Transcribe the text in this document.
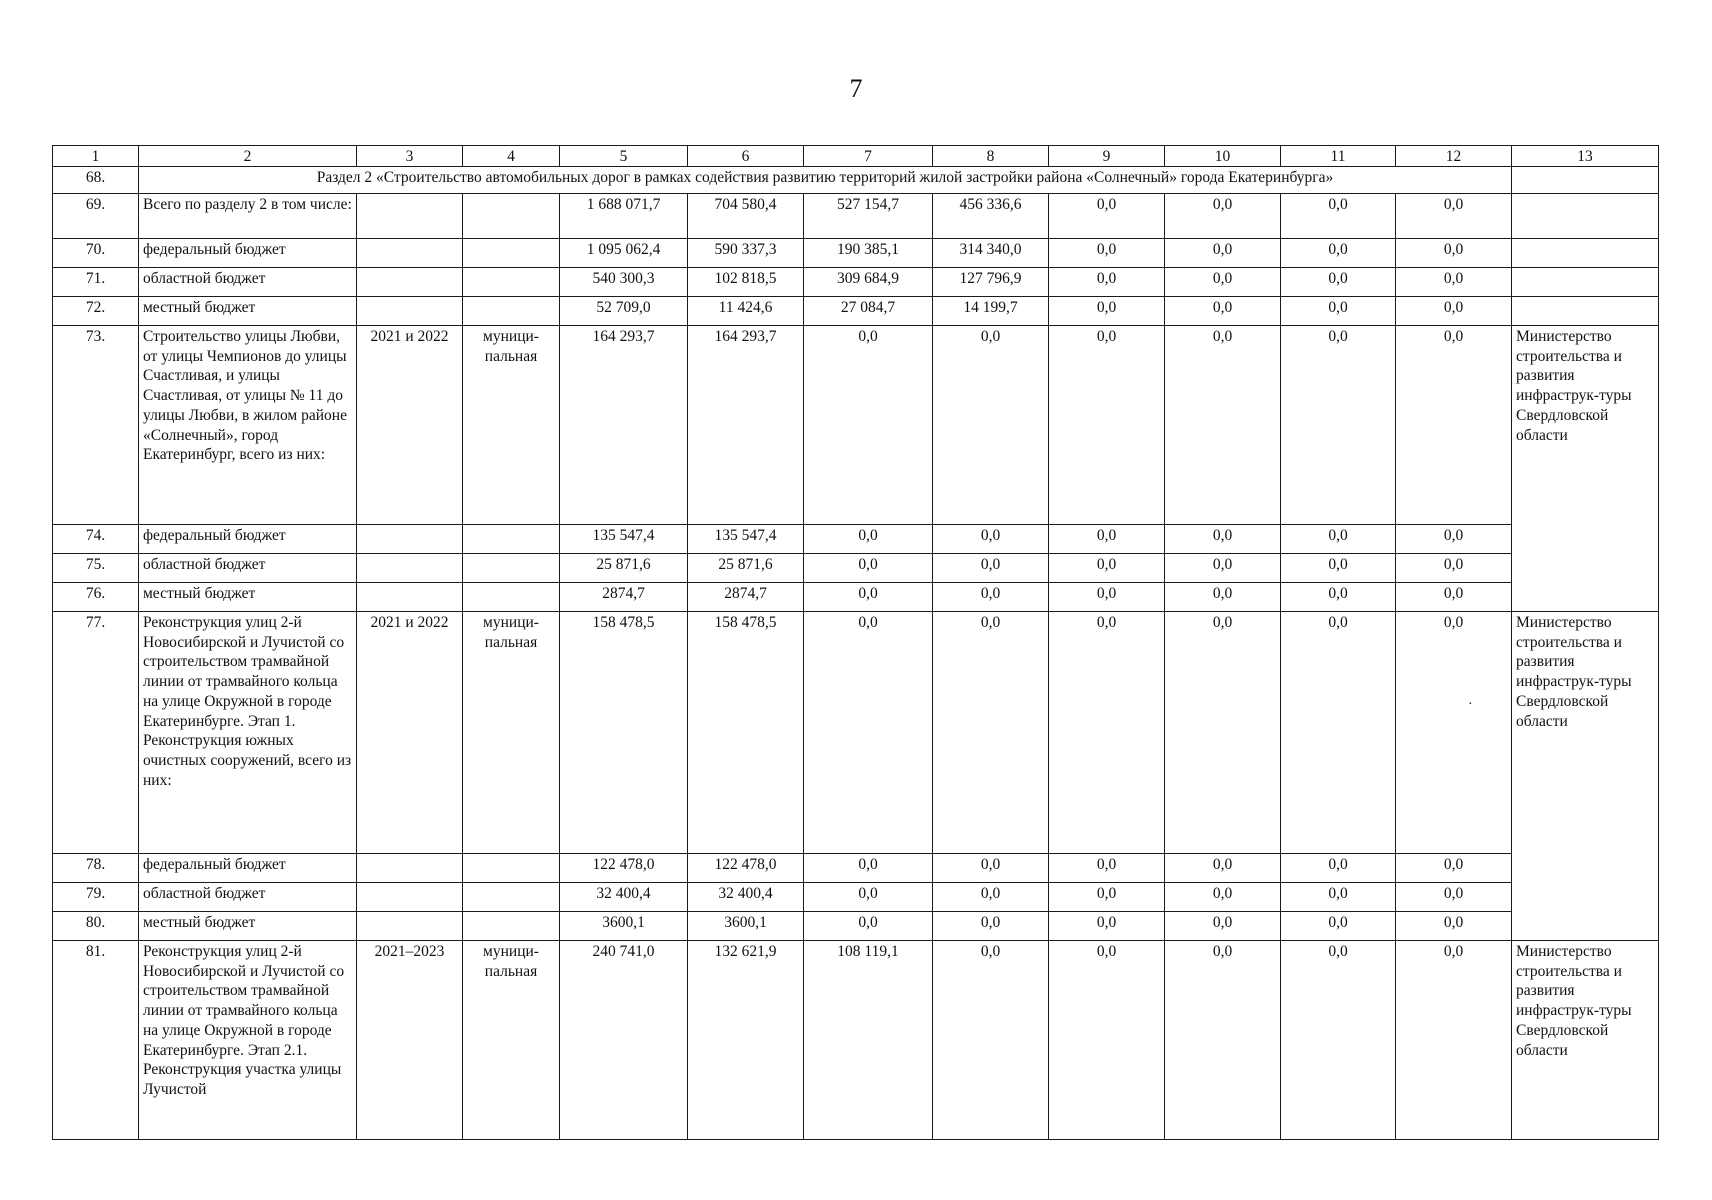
7
1	2	3	4	5	6	7	8	9	10	11	12	13
68.	Раздел 2 «Строительство автомобильных дорог в рамках содействия развитию территорий жилой застройки района «Солнечный» города Екатеринбурга»											
69.	Всего по разделу 2 в том числе:			1 688 071,7	704 580,4	527 154,7	456 336,6	0,0	0,0	0,0	0,0	
70.	федеральный бюджет			1 095 062,4	590 337,3	190 385,1	314 340,0	0,0	0,0	0,0	0,0	
71.	областной бюджет			540 300,3	102 818,5	309 684,9	127 796,9	0,0	0,0	0,0	0,0	
72.	местный бюджет			52 709,0	11 424,6	27 084,7	14 199,7	0,0	0,0	0,0	0,0	
73.	Строительство улицы Любви, от улицы Чемпионов до улицы Счастливая, и улицы Счастливая, от улицы № 11 до улицы Любви, в жилом районе «Солнечный», город Екатеринбург, всего из них:	2021 и 2022	муници-пальная	164 293,7	164 293,7	0,0	0,0	0,0	0,0	0,0	0,0	Министерство строительства и развития инфраструк-туры Свердловской области
74.	федеральный бюджет			135 547,4	135 547,4	0,0	0,0	0,0	0,0	0,0	0,0	
75.	областной бюджет			25 871,6	25 871,6	0,0	0,0	0,0	0,0	0,0	0,0	
76.	местный бюджет			2874,7	2874,7	0,0	0,0	0,0	0,0	0,0	0,0	
77.	Реконструкция улиц 2-й Новосибирской и Лучистой со строительством трамвайной линии от трамвайного кольца на улице Окружной в городе Екатеринбурге. Этап 1. Реконструкция южных очистных сооружений, всего из них:	2021 и 2022	муници-пальная	158 478,5	158 478,5	0,0	0,0	0,0	0,0	0,0	0,0	Министерство строительства и развития инфраструк-туры Свердловской области
78.	федеральный бюджет			122 478,0	122 478,0	0,0	0,0	0,0	0,0	0,0	0,0	
79.	областной бюджет			32 400,4	32 400,4	0,0	0,0	0,0	0,0	0,0	0,0	
80.	местный бюджет			3600,1	3600,1	0,0	0,0	0,0	0,0	0,0	0,0	
81.	Реконструкция улиц 2-й Новосибирской и Лучистой со строительством трамвайной линии от трамвайного кольца на улице Окружной в городе Екатеринбурге. Этап 2.1. Реконструкция участка улицы Лучистой	2021–2023	муници-пальная	240 741,0	132 621,9	108 119,1	0,0	0,0	0,0	0,0	0,0	Министерство строительства и развития инфраструк-туры Свердловской области
·
